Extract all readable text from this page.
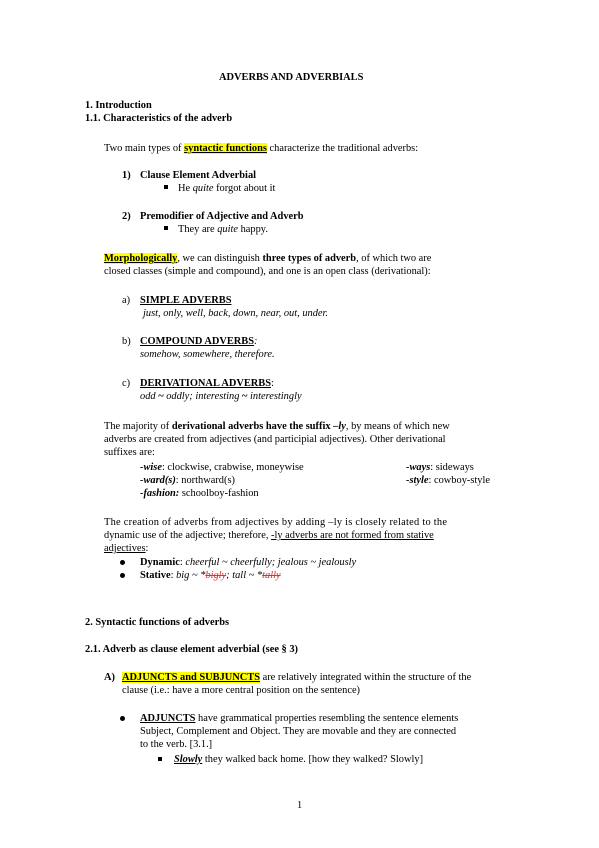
ADVERBS AND ADVERBIALS
1. Introduction
1.1. Characteristics of the adverb
Two main types of syntactic functions characterize the traditional adverbs:
1) Clause Element Adverbial
He quite forgot about it
2) Premodifier of Adjective and Adverb
They are quite happy.
Morphologically, we can distinguish three types of adverb, of which two are
closed classes (simple and compound), and one is an open class (derivational):
a) SIMPLE ADVERBS
just, only, well, back, down, near, out, under.
b) COMPOUND ADVERBS:
somehow, somewhere, therefore.
c) DERIVATIONAL ADVERBS:
odd ~ oddly; interesting ~ interestingly
The majority of derivational adverbs have the suffix –ly, by means of which new
adverbs are created from adjectives (and participial adjectives). Other derivational
suffixes are:
-wise: clockwise, crabwise, moneywise
-ward(s): northward(s)
-fashion: schoolboy-fashion
-ways: sideways
-style: cowboy-style
The creation of adverbs from adjectives by adding –ly is closely related to the
dynamic use of the adjective; therefore, -ly adverbs are not formed from stative
adjectives:
Dynamic: cheerful ~ cheerfully; jealous ~ jealously
Stative: big ~ *bigly; tall ~ *tally
2. Syntactic functions of adverbs
2.1. Adverb as clause element adverbial (see § 3)
A) ADJUNCTS and SUBJUNCTS are relatively integrated within the structure of the
clause (i.e.: have a more central position on the sentence)
ADJUNCTS have grammatical properties resembling the sentence elements
Subject, Complement and Object. They are movable and they are connected
to the verb. [3.1.]
Slowly they walked back home. [how they walked? Slowly]
1
